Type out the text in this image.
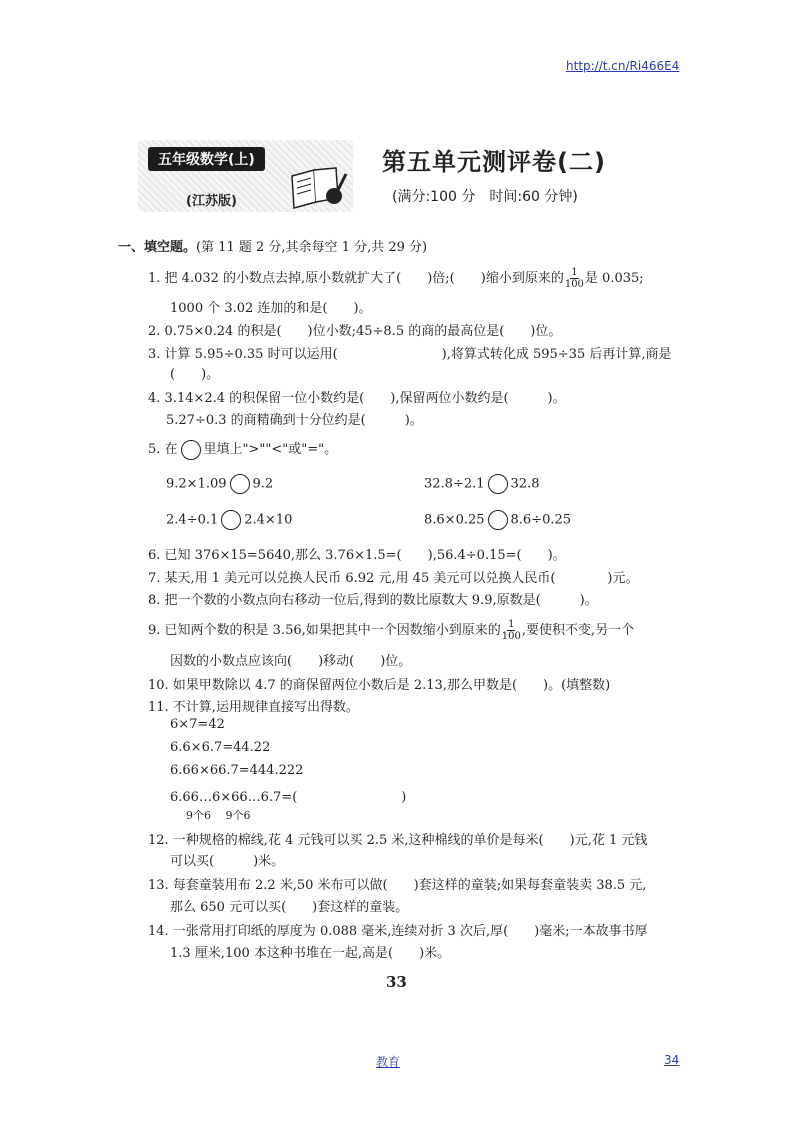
http://t.cn/Ri466E4
五年级数学(上)
(江苏版)
第五单元测评卷(二)
(满分:100 分　时间:60 分钟)
一、填空题。(第 11 题 2 分,其余每空 1 分,共 29 分)
1. 把 4.032 的小数点去掉,原小数就扩大了(　　)倍;(　　)缩小到原来的 $\frac{1}{100}$ 是 0.035;
1000 个 3.02 连加的和是(　　)。
2. 0.75×0.24 的积是(　　)位小数;45÷8.5 的商的最高位是(　　)位。
3. 计算 5.95÷0.35 时可以运用(　　　　　　　　),将算式转化成 595÷35 后再计算,商是
(　　)。
4. 3.14×2.4 的积保留一位小数约是(　　),保留两位小数约是(　　　)。
5.27÷0.3 的商精确到十分位约是(　　　)。
5. 在 里填上">""<"或"="。
9.2×1.09 9.2	32.8÷2.1 32.8
2.4÷0.1 2.4×10	8.6×0.25 8.6÷0.25
6. 已知 376×15=5640,那么 3.76×1.5=(　　),56.4÷0.15=(　　)。
7. 某天,用 1 美元可以兑换人民币 6.92 元,用 45 美元可以兑换人民币(　　　　)元。
8. 把一个数的小数点向右移动一位后,得到的数比原数大 9.9,原数是(　　　)。
9. 已知两个数的积是 3.56,如果把其中一个因数缩小到原来的 $\frac{1}{100}$ ,要使积不变,另一个
因数的小数点应该向(　　)移动(　　)位。
10. 如果甲数除以 4.7 的商保留两位小数后是 2.13,那么甲数是(　　)。(填整数)
11. 不计算,运用规律直接写出得数。
6×7=42
6.6×6.7=44.22
6.66×66.7=444.222
6.66…6×66…6.7=(　　　　　　　　)
9个6　 9个6
12. 一种规格的棉线,花 4 元钱可以买 2.5 米,这种棉线的单价是每米(　　)元,花 1 元钱
可以买(　　　)米。
13. 每套童装用布 2.2 米,50 米布可以做(　　)套这样的童装;如果每套童装卖 38.5 元,
那么 650 元可以买(　　)套这样的童装。
14. 一张常用打印纸的厚度为 0.088 毫米,连续对折 3 次后,厚(　　)毫米;一本故事书厚
1.3 厘米,100 本这种书堆在一起,高是(　　)米。
33
教育	34
